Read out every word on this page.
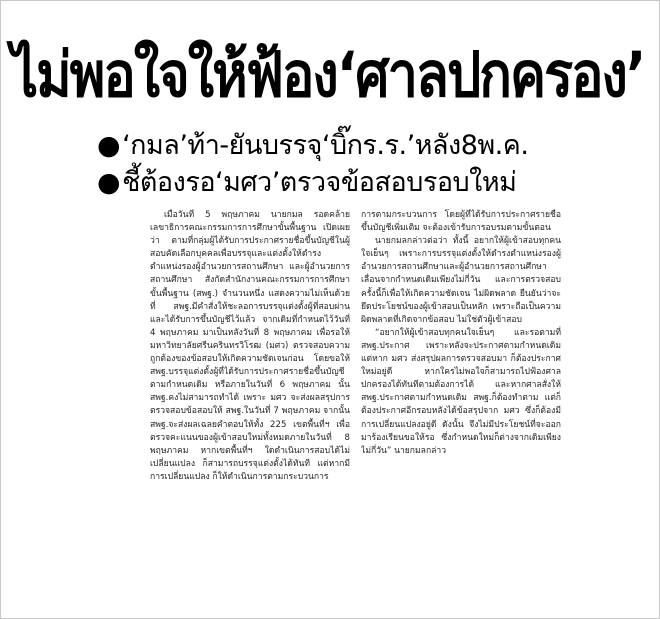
ไม่พอใจให้ฟ้อง‘ศาลปกครอง’
●‘กมล’ท้า-ยันบรรจุ‘บิ๊กร.ร.’หลัง8พ.ค.
●ชี้ต้องรอ‘มศว’ตรวจข้อสอบรอบใหม่

เมื่อวันที่ 5 พฤษภาคม นายกมล รอดคล้าย เลขาธิการคณะกรรมการการศึกษาขั้นพื้นฐาน เปิดเผยว่า ตามที่กลุ่มผู้ได้รับการประกาศรายชื่อขึ้นบัญชีในผู้สอบคัดเลือกบุคคลเพื่อบรรจุและแต่งตั้งให้ดำรงตำแหน่งรองผู้อำนวยการสถานศึกษา และผู้อำนวยการสถานศึกษา สังกัดสำนักงานคณะกรรมการการศึกษาขั้นพื้นฐาน (สพฐ.) จำนวนหนึ่ง แสดงความไม่เห็นด้วยที่ สพฐ.มีคำสั่งให้ชะลอการบรรจุแต่งตั้งผู้ที่สอบผ่านและได้รับการขึ้นบัญชีไว้แล้ว จากเดิมที่กำหนดไว้วันที่ 4 พฤษภาคม มาเป็นหลังวันที่ 8 พฤษภาคม เพื่อรอให้มหาวิทยาลัยศรีนครินทรวิโรฒ (มศว) ตรวจสอบความถูกต้องของข้อสอบให้เกิดความชัดเจนก่อน โดยขอให้ สพฐ.บรรจุแต่งตั้งผู้ที่ได้รับการประกาศรายชื่อขึ้นบัญชีตามกำหนดเดิม หรือภายในวันที่ 6 พฤษภาคม นั้น สพฐ.คงไม่สามารถทำได้ เพราะ มศว จะส่งผลสรุปการตรวจสอบข้อสอบให้ สพฐ.ในวันที่ 7 พฤษภาคม จากนั้น สพฐ.จะส่งผลเฉลยคำตอบให้ทั้ง 225 เขตพื้นที่ฯ เพื่อตรวจคะแนนของผู้เข้าสอบใหม่ทั้งหมดภายในวันที่ 8 พฤษภาคม หากเขตพื้นที่ฯ ใดดำเนินการสอบได้ไม่เปลี่ยนแปลง ก็สามารถบรรจุแต่งตั้งได้ทันที แต่หากมีการเปลี่ยนแปลง ก็ให้ดำเนินการตามกระบวนการ

การตามกระบวนการ โดยผู้ที่ได้รับการประกาศรายชื่อขึ้นบัญชีเพิ่มเติม จะต้องเข้ารับการอบรมตามขั้นตอน

นายกมลกล่าวต่อว่า ทั้งนี้ อยากให้ผู้เข้าสอบทุกคนใจเย็นๆ เพราะการบรรจุแต่งตั้งให้ดำรงตำแหน่งรองผู้อำนวยการสถานศึกษาและผู้อำนวยการสถานศึกษา เลื่อนจากกำหนดเดิมเพียงไม่กี่วัน และการตรวจสอบครั้งนี้ก็เพื่อให้เกิดความชัดเจน ไม่ผิดพลาด ยืนยันว่าจะยึดประโยชน์ของผู้เข้าสอบเป็นหลัก เพราะถือเป็นความผิดพลาดที่เกิดจากข้อสอบ ไม่ใช่ตัวผู้เข้าสอบ

“อยากให้ผู้เข้าสอบทุกคนใจเย็นๆ และรอตามที่ สพฐ.ประกาศ เพราะหลังจะประกาศตามกำหนดเดิม แต่หาก มศว ส่งสรุปผลการตรวจสอบมา ก็ต้องประกาศใหม่อยู่ดี หากใครไม่พอใจก็สามารถไปฟ้องศาลปกครองได้ทันทีตามต้องการได้ และหากศาลสั่งให้ สพฐ.ประกาศตามกำหนดเดิม สพฐ.ก็ต้องทำตาม แต่ก็ต้องประกาศอีกรอบหลังได้ข้อสรุปจาก มศว ซึ่งก็ต้องมีการเปลี่ยนแปลงอยู่ดี ดังนั้น จึงไม่มีประโยชน์ที่จะออกมาร้องเรียนขอให้รอ ซึ่งกำหนดใหม่ก็ต่างจากเดิมเพียงไม่กี่วัน” นายกมลกล่าว
